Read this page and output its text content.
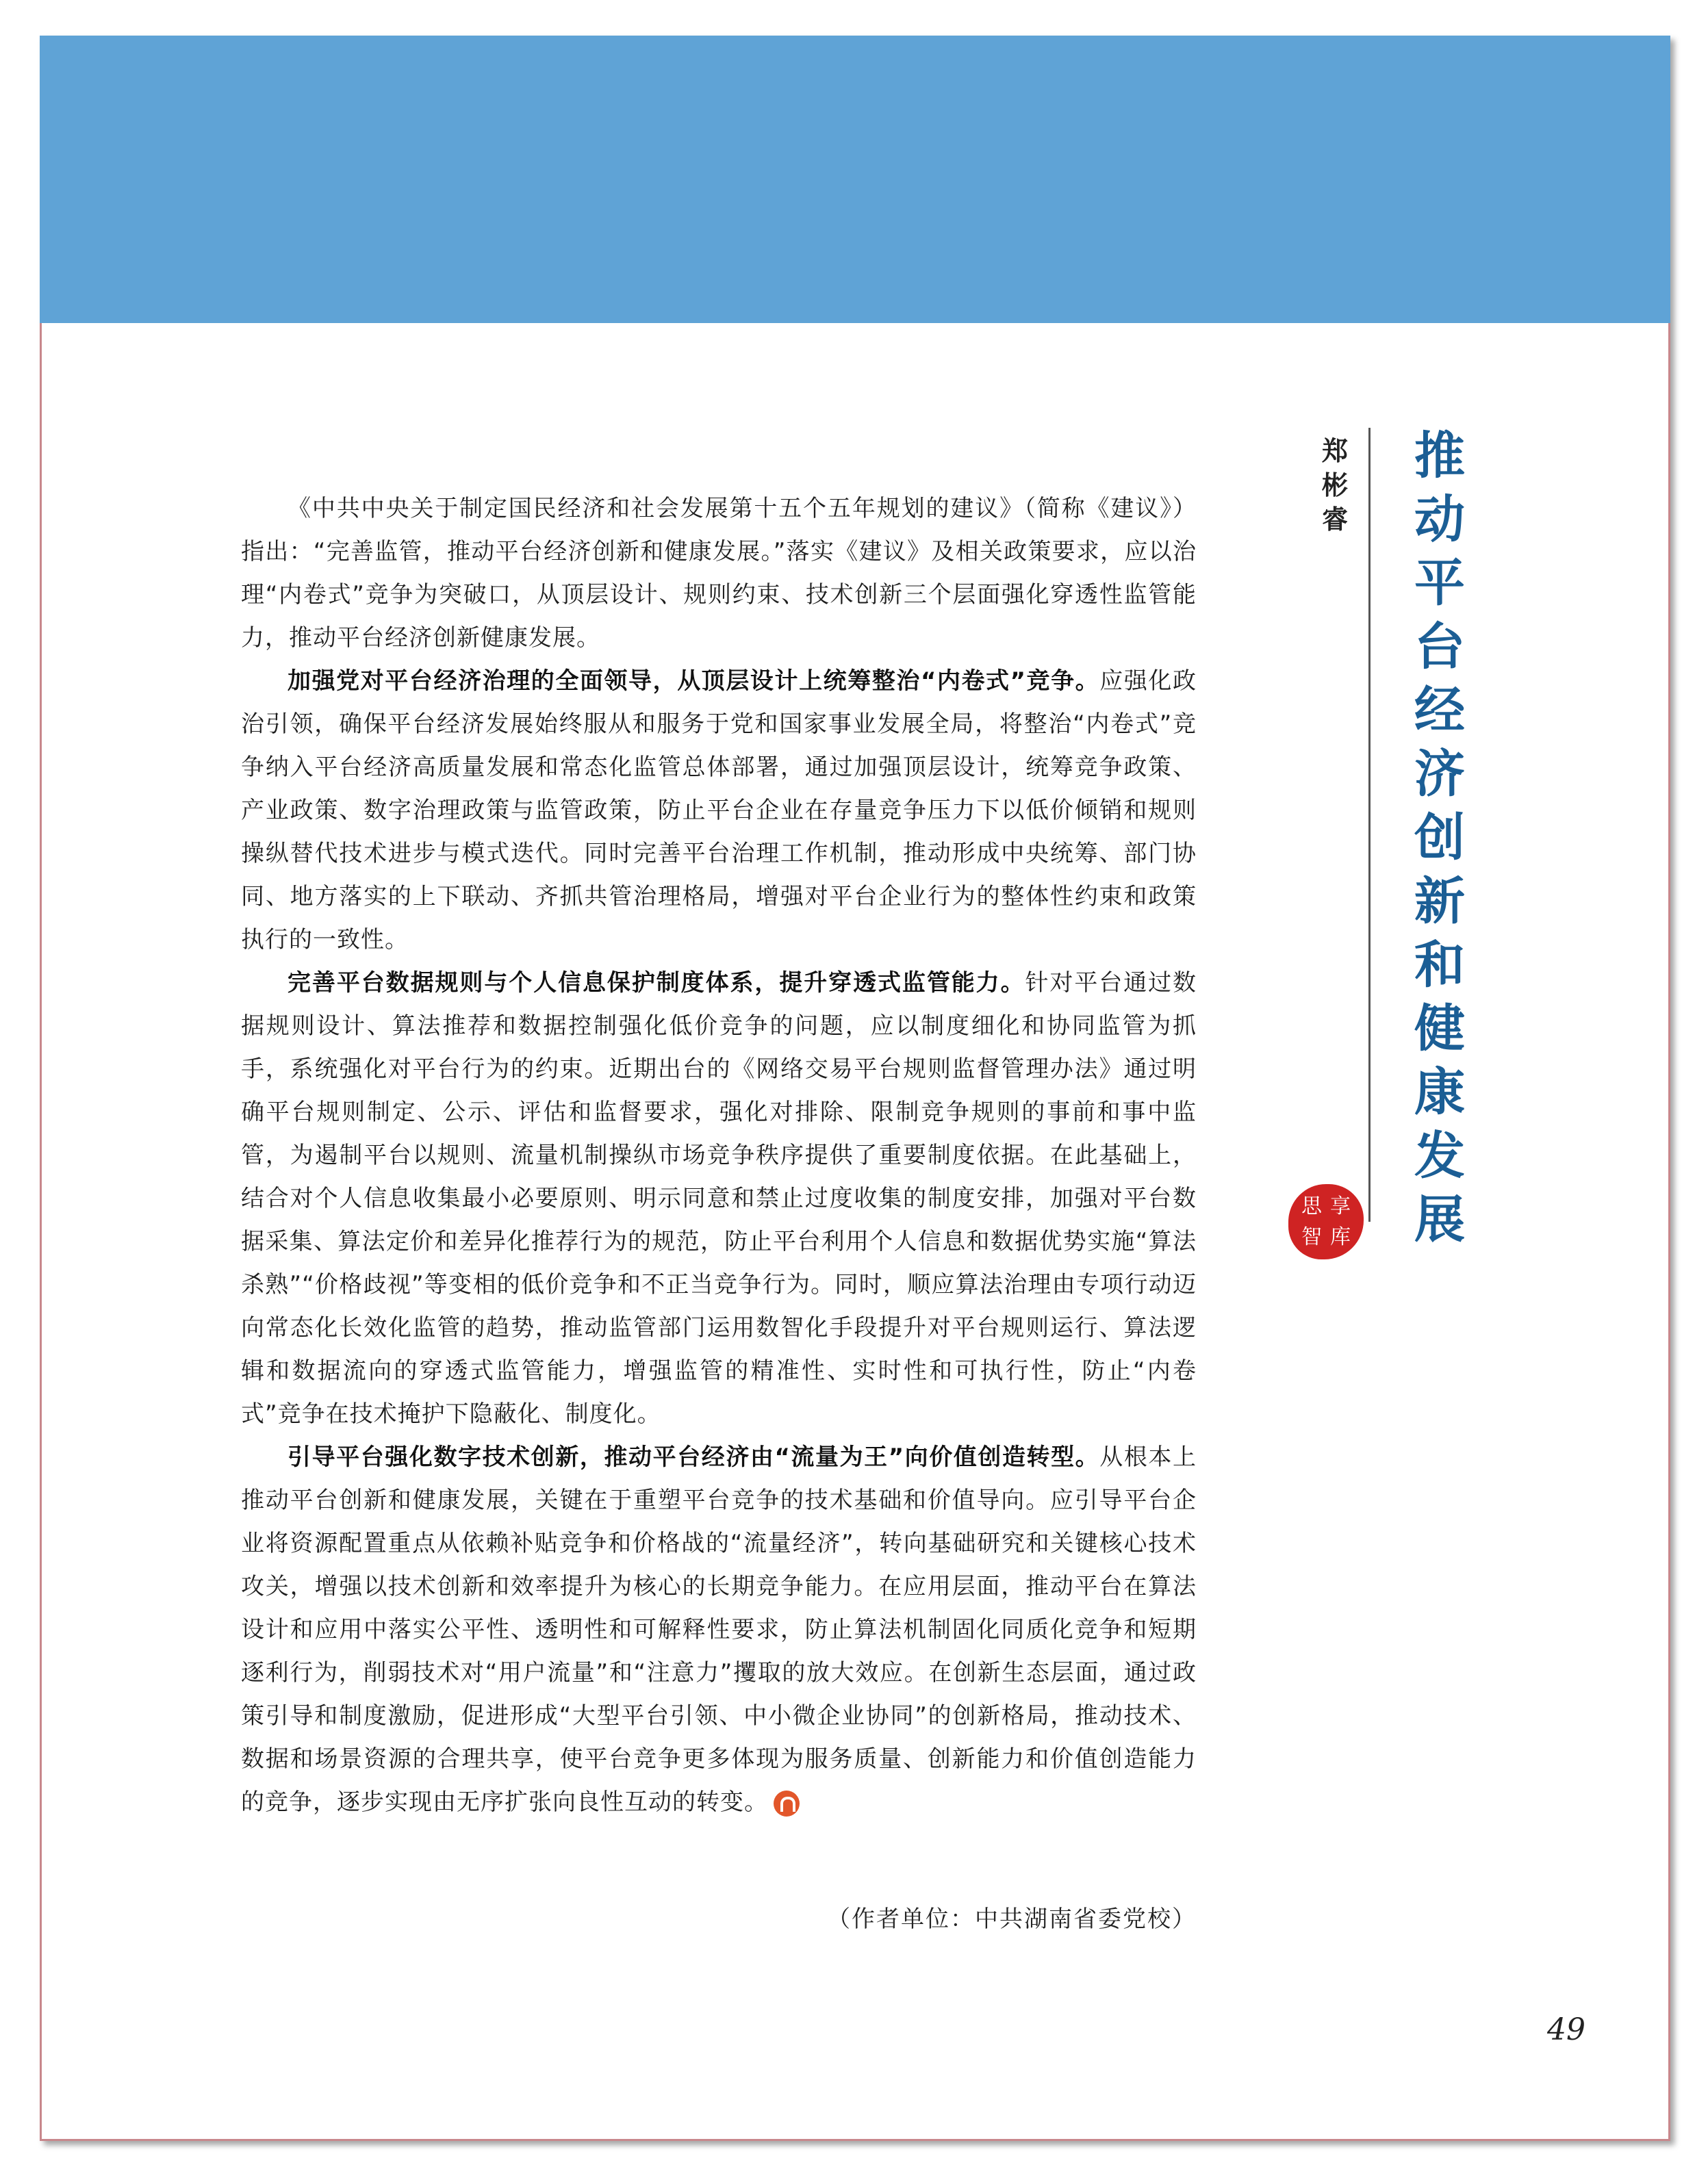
推
动
平
台
经
济
创
新
和
健
康
发
展
郑
彬
睿
思 享
智 库

《中共中央关于制定国民经济和社会发展第十五个五年规划的建议》（简称《建议》）指出：“完善监管，推动平台经济创新和健康发展。”落实《建议》及相关政策要求，应以治理“内卷式”竞争为突破口，从顶层设计、规则约束、技术创新三个层面强化穿透性监管能力，推动平台经济创新健康发展。

加强党对平台经济治理的全面领导，从顶层设计上统筹整治“内卷式”竞争。应强化政治引领，确保平台经济发展始终服从和服务于党和国家事业发展全局，将整治“内卷式”竞争纳入平台经济高质量发展和常态化监管总体部署，通过加强顶层设计，统筹竞争政策、产业政策、数字治理政策与监管政策，防止平台企业在存量竞争压力下以低价倾销和规则操纵替代技术进步与模式迭代。同时完善平台治理工作机制，推动形成中央统筹、部门协同、地方落实的上下联动、齐抓共管治理格局，增强对平台企业行为的整体性约束和政策执行的一致性。

完善平台数据规则与个人信息保护制度体系，提升穿透式监管能力。针对平台通过数据规则设计、算法推荐和数据控制强化低价竞争的问题，应以制度细化和协同监管为抓手，系统强化对平台行为的约束。近期出台的《网络交易平台规则监督管理办法》通过明确平台规则制定、公示、评估和监督要求，强化对排除、限制竞争规则的事前和事中监管，为遏制平台以规则、流量机制操纵市场竞争秩序提供了重要制度依据。在此基础上，结合对个人信息收集最小必要原则、明示同意和禁止过度收集的制度安排，加强对平台数据采集、算法定价和差异化推荐行为的规范，防止平台利用个人信息和数据优势实施“算法杀熟”“价格歧视”等变相的低价竞争和不正当竞争行为。同时，顺应算法治理由专项行动迈向常态化长效化监管的趋势，推动监管部门运用数智化手段提升对平台规则运行、算法逻辑和数据流向的穿透式监管能力，增强监管的精准性、实时性和可执行性，防止“内卷式”竞争在技术掩护下隐蔽化、制度化。

引导平台强化数字技术创新，推动平台经济由“流量为王”向价值创造转型。从根本上推动平台创新和健康发展，关键在于重塑平台竞争的技术基础和价值导向。应引导平台企业将资源配置重点从依赖补贴竞争和价格战的“流量经济”，转向基础研究和关键核心技术攻关，增强以技术创新和效率提升为核心的长期竞争能力。在应用层面，推动平台在算法设计和应用中落实公平性、透明性和可解释性要求，防止算法机制固化同质化竞争和短期逐利行为，削弱技术对“用户流量”和“注意力”攫取的放大效应。在创新生态层面，通过政策引导和制度激励，促进形成“大型平台引领、中小微企业协同”的创新格局，推动技术、数据和场景资源的合理共享，使平台竞争更多体现为服务质量、创新能力和价值创造能力的竞争，逐步实现由无序扩张向良性互动的转变。

（作者单位：中共湖南省委党校）
49
